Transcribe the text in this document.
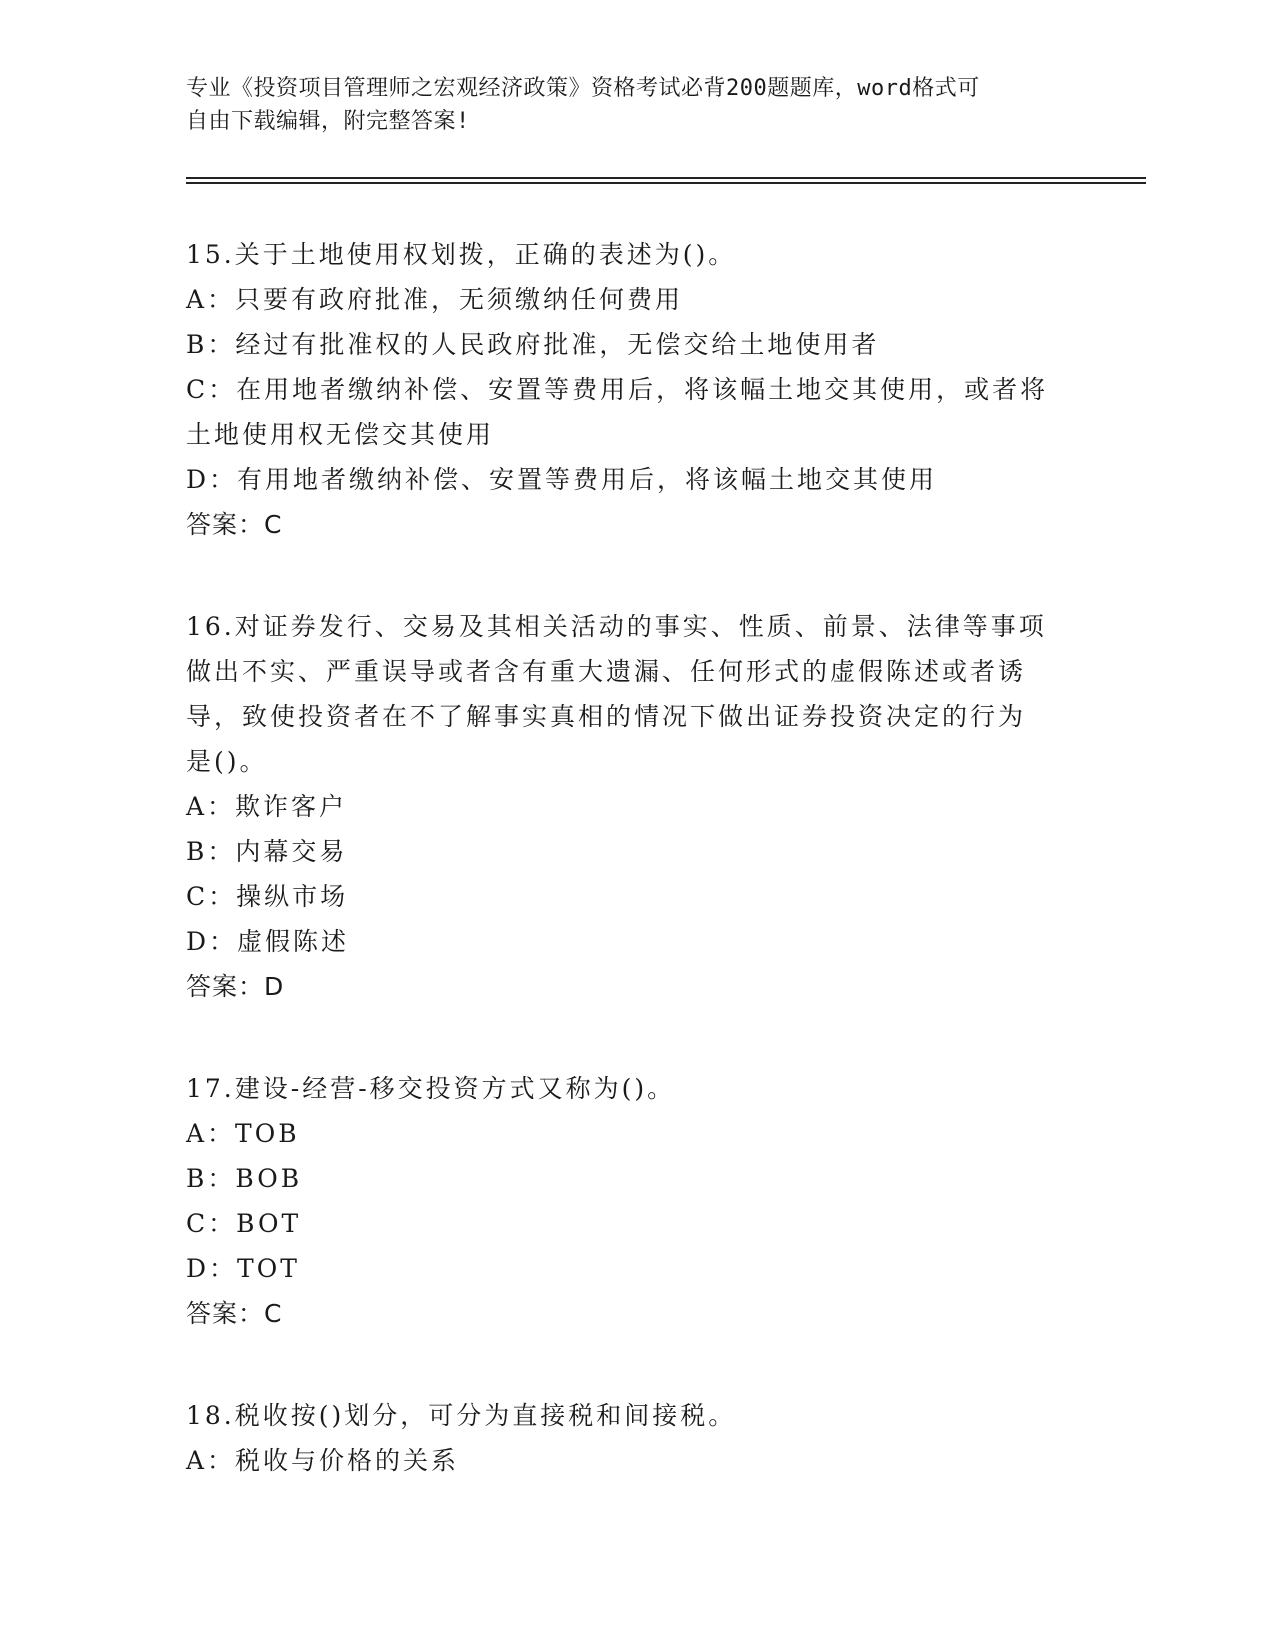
专业《投资项目管理师之宏观经济政策》资格考试必背200题题库，word格式可
自由下载编辑，附完整答案!
15.关于土地使用权划拨，正确的表述为()。
A：只要有政府批准，无须缴纳任何费用
B：经过有批准权的人民政府批准，无偿交给土地使用者
C：在用地者缴纳补偿、安置等费用后，将该幅土地交其使用，或者将
土地使用权无偿交其使用
D：有用地者缴纳补偿、安置等费用后，将该幅土地交其使用
答案：C
16.对证券发行、交易及其相关活动的事实、性质、前景、法律等事项
做出不实、严重误导或者含有重大遗漏、任何形式的虚假陈述或者诱
导，致使投资者在不了解事实真相的情况下做出证券投资决定的行为
是()。
A：欺诈客户
B：内幕交易
C：操纵市场
D：虚假陈述
答案：D
17.建设-经营-移交投资方式又称为()。
A：TOB
B：BOB
C：BOT
D：TOT
答案：C
18.税收按()划分，可分为直接税和间接税。
A：税收与价格的关系
